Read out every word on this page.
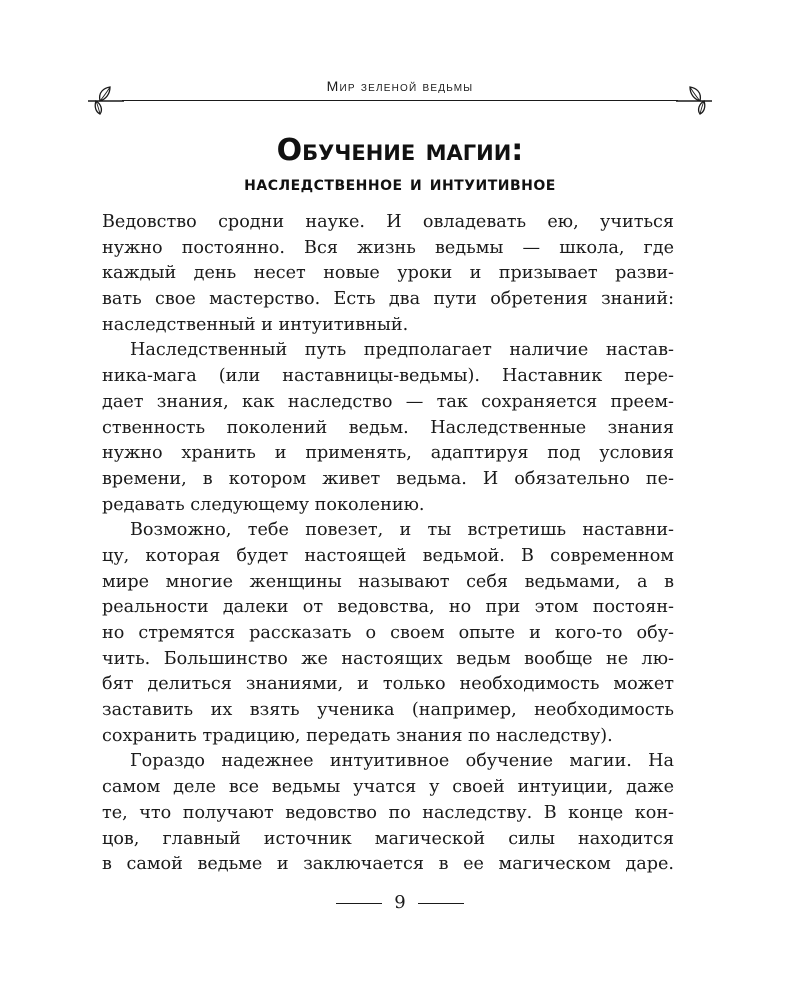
Мир зеленой ведьмы
Обучение магии:
наследственное и интуитивное
Ведовство сродни науке. И овладевать ею, учиться
нужно постоянно. Вся жизнь ведьмы — школа, где
каждый день несет новые уроки и призывает разви-
вать свое мастерство. Есть два пути обретения знаний:
наследственный и интуитивный.
Наследственный путь предполагает наличие настав-
ника-мага (или наставницы-ведьмы). Наставник пере-
дает знания, как наследство — так сохраняется преем-
ственность поколений ведьм. Наследственные знания
нужно хранить и применять, адаптируя под условия
времени, в котором живет ведьма. И обязательно пе-
редавать следующему поколению.
Возможно, тебе повезет, и ты встретишь наставни-
цу, которая будет настоящей ведьмой. В современном
мире многие женщины называют себя ведьмами, а в
реальности далеки от ведовства, но при этом постоян-
но стремятся рассказать о своем опыте и кого-то обу-
чить. Большинство же настоящих ведьм вообще не лю-
бят делиться знаниями, и только необходимость может
заставить их взять ученика (например, необходимость
сохранить традицию, передать знания по наследству).
Гораздо надежнее интуитивное обучение магии. На
самом деле все ведьмы учатся у своей интуиции, даже
те, что получают ведовство по наследству. В конце кон-
цов, главный источник магической силы находится
в самой ведьме и заключается в ее магическом даре.
9
